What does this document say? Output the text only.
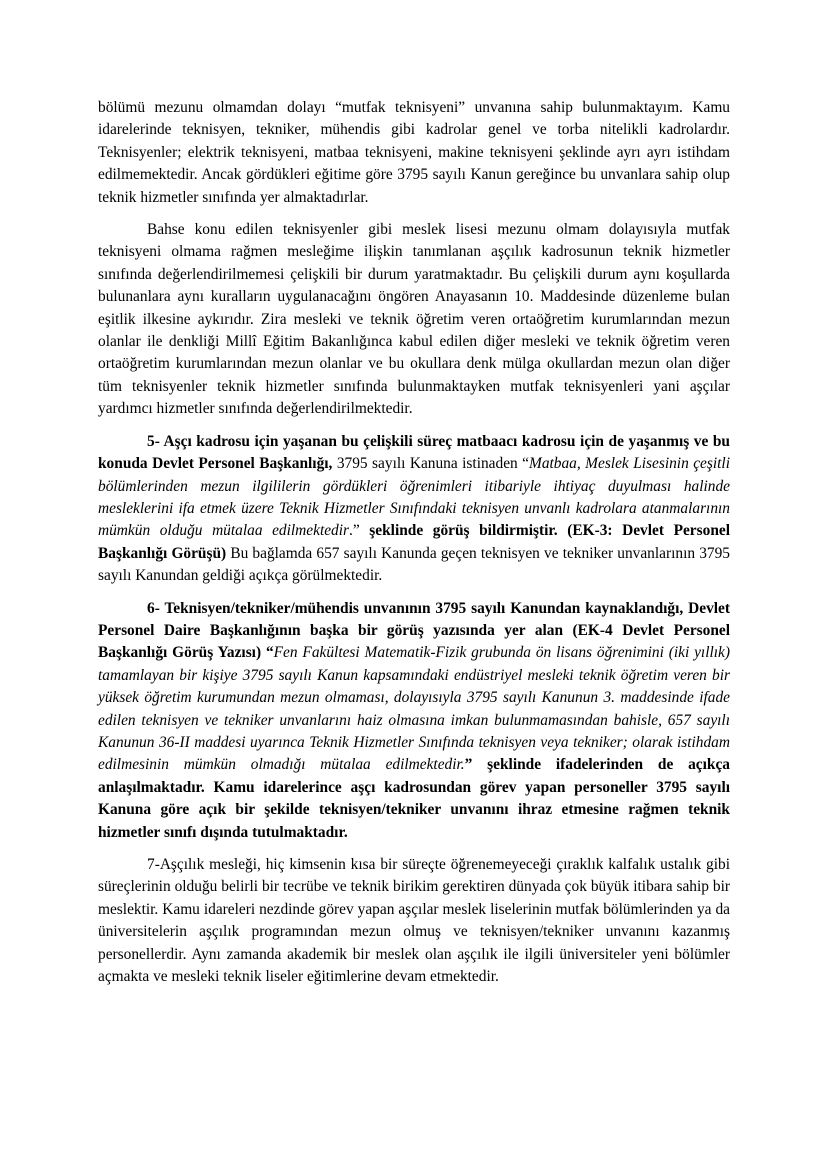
bölümü mezunu olmamdan dolayı “mutfak teknisyeni” unvanına sahip bulunmaktayım. Kamu idarelerinde teknisyen, tekniker, mühendis gibi kadrolar genel ve torba nitelikli kadrolardır. Teknisyenler; elektrik teknisyeni, matbaa teknisyeni, makine teknisyeni şeklinde ayrı ayrı istihdam edilmemektedir. Ancak gördükleri eğitime göre 3795 sayılı Kanun gereğince bu unvanlara sahip olup teknik hizmetler sınıfında yer almaktadırlar.

Bahse konu edilen teknisyenler gibi meslek lisesi mezunu olmam dolayısıyla mutfak teknisyeni olmama rağmen mesleğime ilişkin tanımlanan aşçılık kadrosunun teknik hizmetler sınıfında değerlendirilmemesi çelişkili bir durum yaratmaktadır. Bu çelişkili durum aynı koşullarda bulunanlara aynı kuralların uygulanacağını öngören Anayasanın 10. Maddesinde düzenleme bulan eşitlik ilkesine aykırıdır. Zira mesleki ve teknik öğretim veren ortaöğretim kurumlarından mezun olanlar ile denkliği Millî Eğitim Bakanlığınca kabul edilen diğer mesleki ve teknik öğretim veren ortaöğretim kurumlarından mezun olanlar ve bu okullara denk mülga okullardan mezun olan diğer tüm teknisyenler teknik hizmetler sınıfında bulunmaktayken mutfak teknisyenleri yani aşçılar yardımcı hizmetler sınıfında değerlendirilmektedir.

5- Aşçı kadrosu için yaşanan bu çelişkili süreç matbaacı kadrosu için de yaşanmış ve bu konuda Devlet Personel Başkanlığı, 3795 sayılı Kanuna istinaden “Matbaa, Meslek Lisesinin çeşitli bölümlerinden mezun ilgililerin gördükleri öğrenimleri itibariyle ihtiyaç duyulması halinde mesleklerini ifa etmek üzere Teknik Hizmetler Sınıfındaki teknisyen unvanlı kadrolara atanmalarının mümkün olduğu mütalaa edilmektedir.” şeklinde görüş bildirmiştir. (EK-3: Devlet Personel Başkanlığı Görüşü) Bu bağlamda 657 sayılı Kanunda geçen teknisyen ve tekniker unvanlarının 3795 sayılı Kanundan geldiği açıkça görülmektedir.

6- Teknisyen/tekniker/mühendis unvanının 3795 sayılı Kanundan kaynaklandığı, Devlet Personel Daire Başkanlığının başka bir görüş yazısında yer alan (EK-4 Devlet Personel Başkanlığı Görüş Yazısı) “Fen Fakültesi Matematik-Fizik grubunda ön lisans öğrenimini (iki yıllık) tamamlayan bir kişiye 3795 sayılı Kanun kapsamındaki endüstriyel mesleki teknik öğretim veren bir yüksek öğretim kurumundan mezun olmaması, dolayısıyla 3795 sayılı Kanunun 3. maddesinde ifade edilen teknisyen ve tekniker unvanlarını haiz olmasına imkan bulunmamasından bahisle, 657 sayılı Kanunun 36-II maddesi uyarınca Teknik Hizmetler Sınıfında teknisyen veya tekniker; olarak istihdam edilmesinin mümkün olmadığı mütalaa edilmektedir.” şeklinde ifadelerinden de açıkça anlaşılmaktadır. Kamu idarelerince aşçı kadrosundan görev yapan personeller 3795 sayılı Kanuna göre açık bir şekilde teknisyen/tekniker unvanını ihraz etmesine rağmen teknik hizmetler sınıfı dışında tutulmaktadır.

7-Aşçılık mesleği, hiç kimsenin kısa bir süreçte öğrenemeyeceği çıraklık kalfalık ustalık gibi süreçlerinin olduğu belirli bir tecrübe ve teknik birikim gerektiren dünyada çok büyük itibara sahip bir meslektir. Kamu idareleri nezdinde görev yapan aşçılar meslek liselerinin mutfak bölümlerinden ya da üniversitelerin aşçılık programından mezun olmuş ve teknisyen/tekniker unvanını kazanmış personellerdir. Aynı zamanda akademik bir meslek olan aşçılık ile ilgili üniversiteler yeni bölümler açmakta ve mesleki teknik liseler eğitimlerine devam etmektedir.
